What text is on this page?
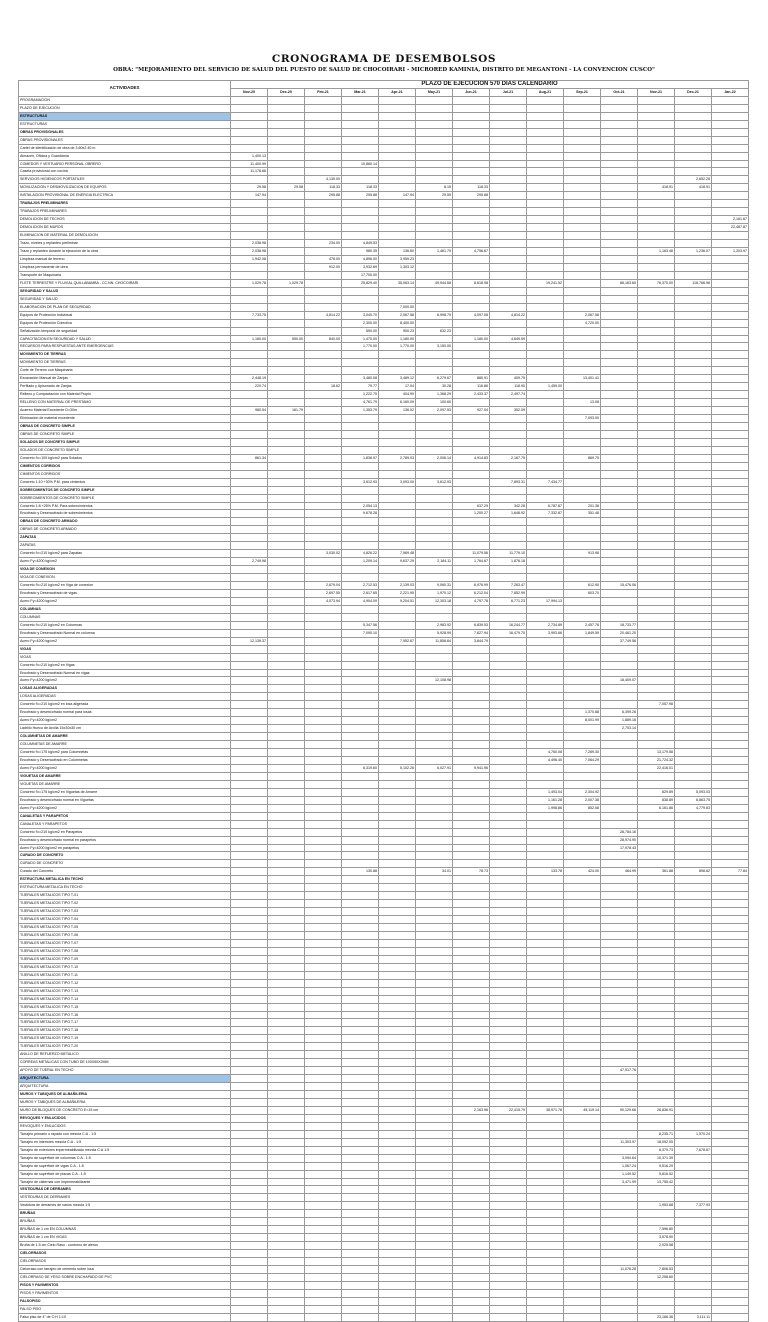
CRONOGRAMA DE DESEMBOLSOS
OBRA: "MEJORAMIENTO DEL SERVICIO DE SALUD DEL PUESTO DE SALUD DE CHOCOIRARI - MICRORED KAMINIA, DISTRITO DE MEGANTONI - LA CONVENCION CUSCO"
ACTIVIDADES	PLAZO DE EJECUCION 570 DIAS CALENDARIO													
	Nov-20	Dec-20	Feb-21	Mar-21	Apr-21	May-21	Jun-21	Jul-21	Aug-21	Sep-21	Oct-21	Nov-21	Dec-21	Jan-22
PROGRAMACION														
PLAZO DE EJECUCION														
ESTRUCTURAS														
ESTRUCTURAS														
OBRAS PROVISIONALES														
OBRAS PROVISIONALES														
Cartel de identificación de obra de 3.60x2.40 m														
Almacén, Oficina y Guardianía	1,400.13													
COMEDOR Y VESTUARIO PERSONAL OBRERO	11,400.99			10,860.14										
Caseta provisional con cocina	11,178.66													
SERVICIOS HIGIENICOS PORTATILES			4,130.00										2,652.28	
MOVILIZACION Y DESMOVILIZACION DE EQUIPOS	29.58	29.58	118.33	118.33		8.15	118.33					418.91	418.91	
INSTALACION PROVISIONAL DE ENERGIA ELECTRICA	147.94		295.88	295.88	147.94	29.59	295.88							
TRABAJOS PRELIMINARES														
TRABAJOS PRELIMINARES														
DEMOLICION DE TECHOS														2,161.67
DEMOLICION DE MUROS														22,487.87
ELIMINACION DE MATERIAL DE DEMOLICION														
Trazo, niveles y replanteo preliminar	2,038.98		234.00	4,849.53										
Trazo y replanteo durante la ejecución de la obra	2,038.98			980.35	136.60	1,461.79	4,756.67					1,163.46	1,236.07	1,203.97
Limpieza manual de terreno	1,942.08		478.00	4,896.00	3,959.23									
Limpieza permanente de obra			912.00	3,932.69	1,303.12									
Transporte de Maquinaria				17,700.00										
FLETE TERRESTRE Y FLUVIAL QUILLABAMBA - CC.NN. CHOCOIRARI	1,029.78	1,029.78		25,829.40	35,063.14	49,944.68	8,618.98		19,241.52		86,163.60	76,370.00	118,766.98	
SEGURIDAD Y SALUD														
SEGURIDAD Y SALUD														
ELABORACION DE PLAN DE SEGURIDAD					7,000.00									
Equipos de Protección Individual	7,733.75		4,814.22	3,040.70	2,067.58	6,998.79	4,097.08	4,814.22		2,067.58				
Equipos de Protección Colectiva				2,300.00	8,400.00					4,720.00				
Señalización temporal de seguridad				590.00	900.23	632.23								
CAPACITACION EN SEGURIDAD Y SALUD	1,180.00	590.00	840.00	1,470.00	1,180.00		1,180.00	4,649.59						
RECURSOS PARA RESPUESTAS ANTE EMERGENCIAS				1,770.00	1,770.00	3,150.00								
MOVIMIENTO DE TIERRAS														
MOVIMIENTO DE TIERRAS														
Corte de Terreno con Maquinaria														
Excavación Manual de Zanjas	2,448.19			3,480.08	3,489.12	6,279.67	880.91	409.75		13,401.41				
Perfilado y Apisonado de Zanjas	220.74		18.62	79.77	17.04	30.28	116.86	118.90	1,459.00					
Relleno y Compactación con Material Propio				1,222.75	404.99	1,368.29	2,433.37	2,497.74						
RELLENO CON MATERIAL DE PRESTAMO				4,761.79	6,160.09	100.60				13.08				
Acarreo Material Excedente D=30m	980.54	161.79		1,353.79	136.02	2,097.53	927.04	352.09						
Eliminación de material excedente										7,093.00				
OBRAS DE CONCRETO SIMPLE														
OBRAS DE CONCRETO SIMPLE														
SOLADOS DE CONCRETO SIMPLE														
SOLADOS DE CONCRETO SIMPLE														
Concreto f'c=100 kg/cm2 para Solados	861.34			1,836.97	2,789.03	2,006.14	4,914.83	2,167.75		869.75				
CIMIENTOS CORRIDOS														
CIMIENTOS CORRIDOS														
Concreto 1:10 +30% P.M. para cimientos				3,612.93	3,093.00	3,612.93		7,893.31	7,434.77					
SOBRECIMIENTOS DE CONCRETO SIMPLE														
SOBRECIMIENTOS DE CONCRETO SIMPLE														
Concreto 1:8 +25% P.M. Para sobrecimientos				2,054.13			637.29	342.28	6,787.87	201.38				
Encofrado y Desencofrado de sobrecimientos				9,678.28			1,200.27	1,648.92	7,332.87	351.48				
OBRAS DE CONCRETO ARMADO														
OBRAS DE CONCRETO ARMADO														
ZAPATAS														
ZAPATAS														
Concreto f'c=210 kg/cm2 para Zapatas			3,030.02	4,826.22	7,969.48		11,079.56	11,779.10		913.98				
Acero Fy=4200 kg/cm2	2,749.98			1,209.14	9,637.29	2,184.11	1,764.67	1,876.18						
VIGA DE CONEXION														
VIGA DE CONEXION														
Concreto f'c=210 kg/cm2 en Viga de conexion			2,679.04	2,712.53	2,139.03	9,060.31	6,976.99	7,263.47		612.90	15,476.06			
Encofrado y Desencofrado de vigas			2,697.55	2,617.65	2,221.95	1,970.12	6,212.04	7,852.99		603.70				
Acero Fy=4200 kg/cm2			4,073.94	4,904.09	9,204.51	12,303.18	4,797.78	6,771.23	17,994.13					
COLUMNAS														
COLUMNAS														
Concreto f'c=210 kg/cm2 en Columnas				5,347.56		2,983.92	6,839.53	16,244.77	2,734.89	2,457.76	18,733.77			
Encofrado y Desencofrado Normal en columna				7,090.10		5,928.99	7,627.94	16,479.70	3,993.66	1,849.59	20,461.20			
Acero Fy=4200 kg/cm2	12,139.37				7,952.67	11,858.64	3,844.79				37,749.56			
VIGAS														
VIGAS														
Concreto f'c=210 kg/cm2 en Vigas														
Encofrado y Desencofrado Normal en vigas														
Acero Fy=4200 kg/cm2						12,108.98					18,409.07			
LOSAS ALIGERADAS														
LOSAS ALIGERADAS														
Concreto f'c=210 kg/cm2 en losa aligerada												7,057.98		
Encofrado y desencofrado normal para losas										1,370.88	6,399.26			
Acero Fy=4200 kg/cm2										8,001.99	1,889.16			
Ladrillo Hueco de Arcilla 15x30x30 cm											2,703.14			
COLUMNETAS DE AMARRE														
COLUMNETAS DE AMARRE														
Concreto f'c=175 kg/cm2 para Columnetas									4,760.08	7,269.30		13,179.58		
Encofrado y Desencofrado en Columnetas									4,496.40	7,064.29		21,724.32		
Acero Fy=4200 kg/cm2				6,319.60	5,102.26	6,027.91	9,941.96					22,416.01		
VIGUETAS DE AMARRE														
VIGUETAS DE AMARRE														
Concreto f'c=175 kg/cm2 en Viguetas de Amarre									1,493.04	2,304.92		829.89	5,093.03	
Encofrado y desencofrado normal en Viguetas									1,161.28	2,007.38		838.89	6,863.75	
Acero Fy=4200 kg/cm2									1,998.86	852.08		6,161.86	4,779.63	
CANALETAS Y PARAPETOS														
CANALETAS Y PARAPETOS														
Concreto f'c=210 kg/cm2 en Parapetos											28,784.16			
Encofrado y desencofrado normal en parapetos											28,974.90			
Acero Fy=4200 kg/cm2 en parapetos											17,978.43			
CURADO DE CONCRETO														
CURADO DE CONCRETO														
Curado del Concreto				130.88		34.01	78.73		133.78	424.00	464.99	361.88	898.62	77.84
ESTRUCTURA METALICA EN TECHO														
ESTRUCTURA METALICA EN TECHO														
TIJERALES METALICOS TIPO T-01														
TIJERALES METALICOS TIPO T-02														
TIJERALES METALICOS TIPO T-03														
TIJERALES METALICOS TIPO T-04														
TIJERALES METALICOS TIPO T-05														
TIJERALES METALICOS TIPO T-06														
TIJERALES METALICOS TIPO T-07														
TIJERALES METALICOS TIPO T-08														
TIJERALES METALICOS TIPO T-09														
TIJERALES METALICOS TIPO T-10														
TIJERALES METALICOS TIPO T-11														
TIJERALES METALICOS TIPO T-12														
TIJERALES METALICOS TIPO T-13														
TIJERALES METALICOS TIPO T-14														
TIJERALES METALICOS TIPO T-15														
TIJERALES METALICOS TIPO T-16														
TIJERALES METALICOS TIPO T-17														
TIJERALES METALICOS TIPO T-18														
TIJERALES METALICOS TIPO T-19														
TIJERALES METALICOS TIPO T-20														
ANILLO DE REFUERZO METALICO														
CORREAS METALICAS CON TUBO DE 100X50X2MM														
APOYO DE TIJERAL EN TECHO											47,917.76			
ARQUITECTURA														
ARQUITECTURA														
MUROS Y TABIQUES DE ALBAÑILERIA														
MUROS Y TABIQUES DE ALBAÑILERIA														
MURO DE BLOQUES DE CONCRETO E=15 cm							2,163.96	22,415.79	38,971.78	49,119.14	90,129.66	26,836.91		
REVOQUES Y ENLUCIDOS														
REVOQUES Y ENLUCIDOS														
Tarrajeo primario o rayado con mezcla C:A - 1:5												8,235.71	1,570.24	
Tarrajeo en interiores mezcla C:A - 1:5											11,303.97	18,092.05		
Tarrajeo de exteriores impermeabilizado mezcla C:A 1:5												6,379.73	7,678.67	
Tarrajeo de superficie de columnas C:A - 1:5											3,094.64	10,371.39		
Tarrajeo de superficie de vigas C:A - 1:5											1,067.24	9,516.29		
Tarrajeo de superficie de placas C:A - 1:5											1,149.52	5,816.52		
Tarrajeo de cisternas con impermeabilizante											3,471.99	13,755.42		
VESTIDURAS DE DERRAMES														
VESTIDURAS DE DERRAMES														
Vestidura de derrames de vanos mezcla 1:5												1,953.68	7,377.93	
BRUÑAS														
BRUÑAS														
BRUÑAS de 1 cm EN COLUMNAS												7,596.80		
BRUÑAS de 1 cm EN VIGAS												3,578.90		
Bruña de 1.5 cm Cielo Raso - contorno de aleros												2,025.58		
CIELORRASOS														
CIELORRASOS														
Cielorraso con tarrajeo de cemento sobre losa											11,076.28	7,806.53		
CIELORRASO DE YESO SOBRE ENCHAPADO DE PVC												12,258.60		
PISOS Y PAVIMENTOS														
PISOS Y PAVIMENTOS														
FALSOPISO														
FALSO PISO														
Falso piso de 4" de C:H 1:10												23,166.36	3,111.11	
